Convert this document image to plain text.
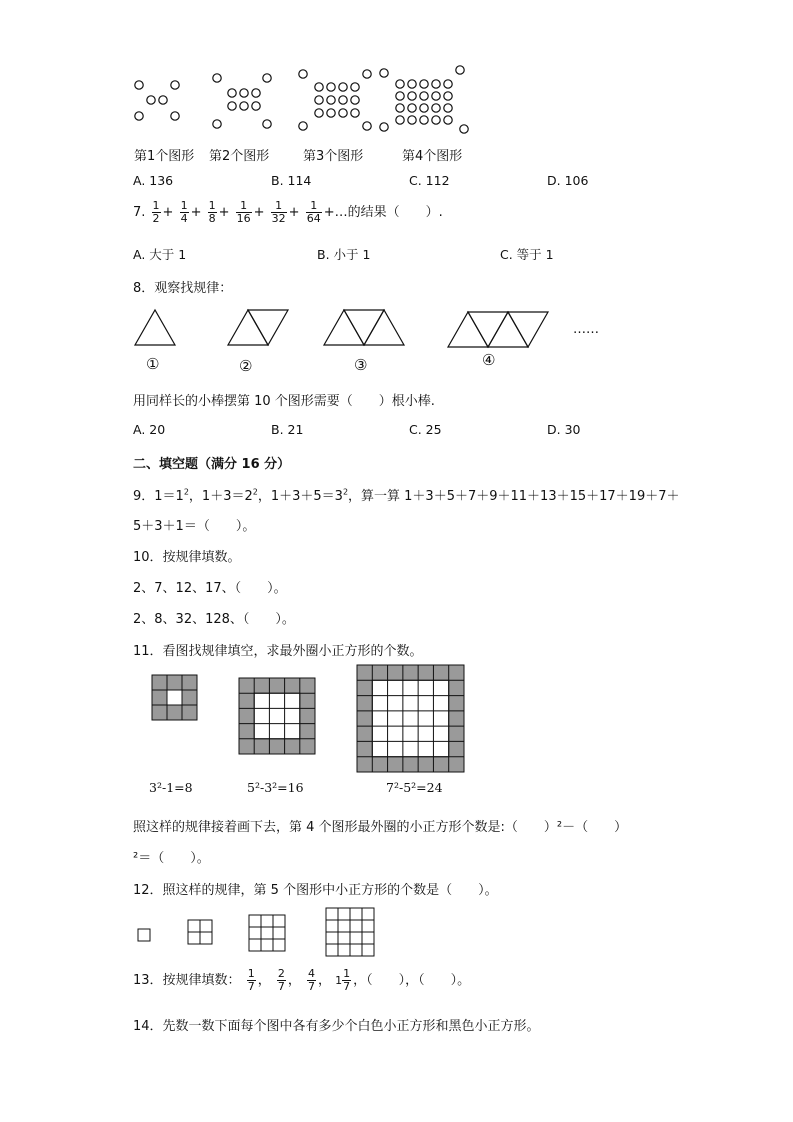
第1个图形 第2个图形	第3个图形	第4个图形
A. 136	B. 114	C. 112	D. 106
7. $\frac{1}{2} + \frac{1}{4} + \frac{1}{8} + \frac{1}{16} + \frac{1}{32} + \frac{1}{64}$ +…的结果（　　）.
A. 大于 1	B. 小于 1	C. 等于 1
8．观察找规律：
……
①	②	③	④
用同样长的小棒摆第 10 个图形需要（　　）根小棒.
A. 20	B. 21	C. 25	D. 30
二、填空题（满分 16 分）
9．$1=1^2$，$1+3=2^2$，$1+3+5=3^2$，算一算 1＋3＋5＋7＋9＋11＋13＋15＋17＋19＋7＋
5＋3＋1＝（　　）。
10．按规律填数。
2、7、12、17、（　　）。
2、8、32、128、（　　）。
11．看图找规律填空，求最外圈小正方形的个数。
3²-1=8	5²-3²=16	7²-5²=24
照这样的规律接着画下去，第 4 个图形最外圈的小正方形个数是:（　　）²－（　　）
²＝（　　）。
12．照这样的规律，第 5 个图形中小正方形的个数是（　　）。
13．按规律填数： $\frac{1}{7}$ ， $\frac{2}{7}$ ， $\frac{4}{7}$ ， $1 \frac{1}{7}$ ，（　　），（　　）。
14．先数一数下面每个图中各有多少个白色小正方形和黑色小正方形。
